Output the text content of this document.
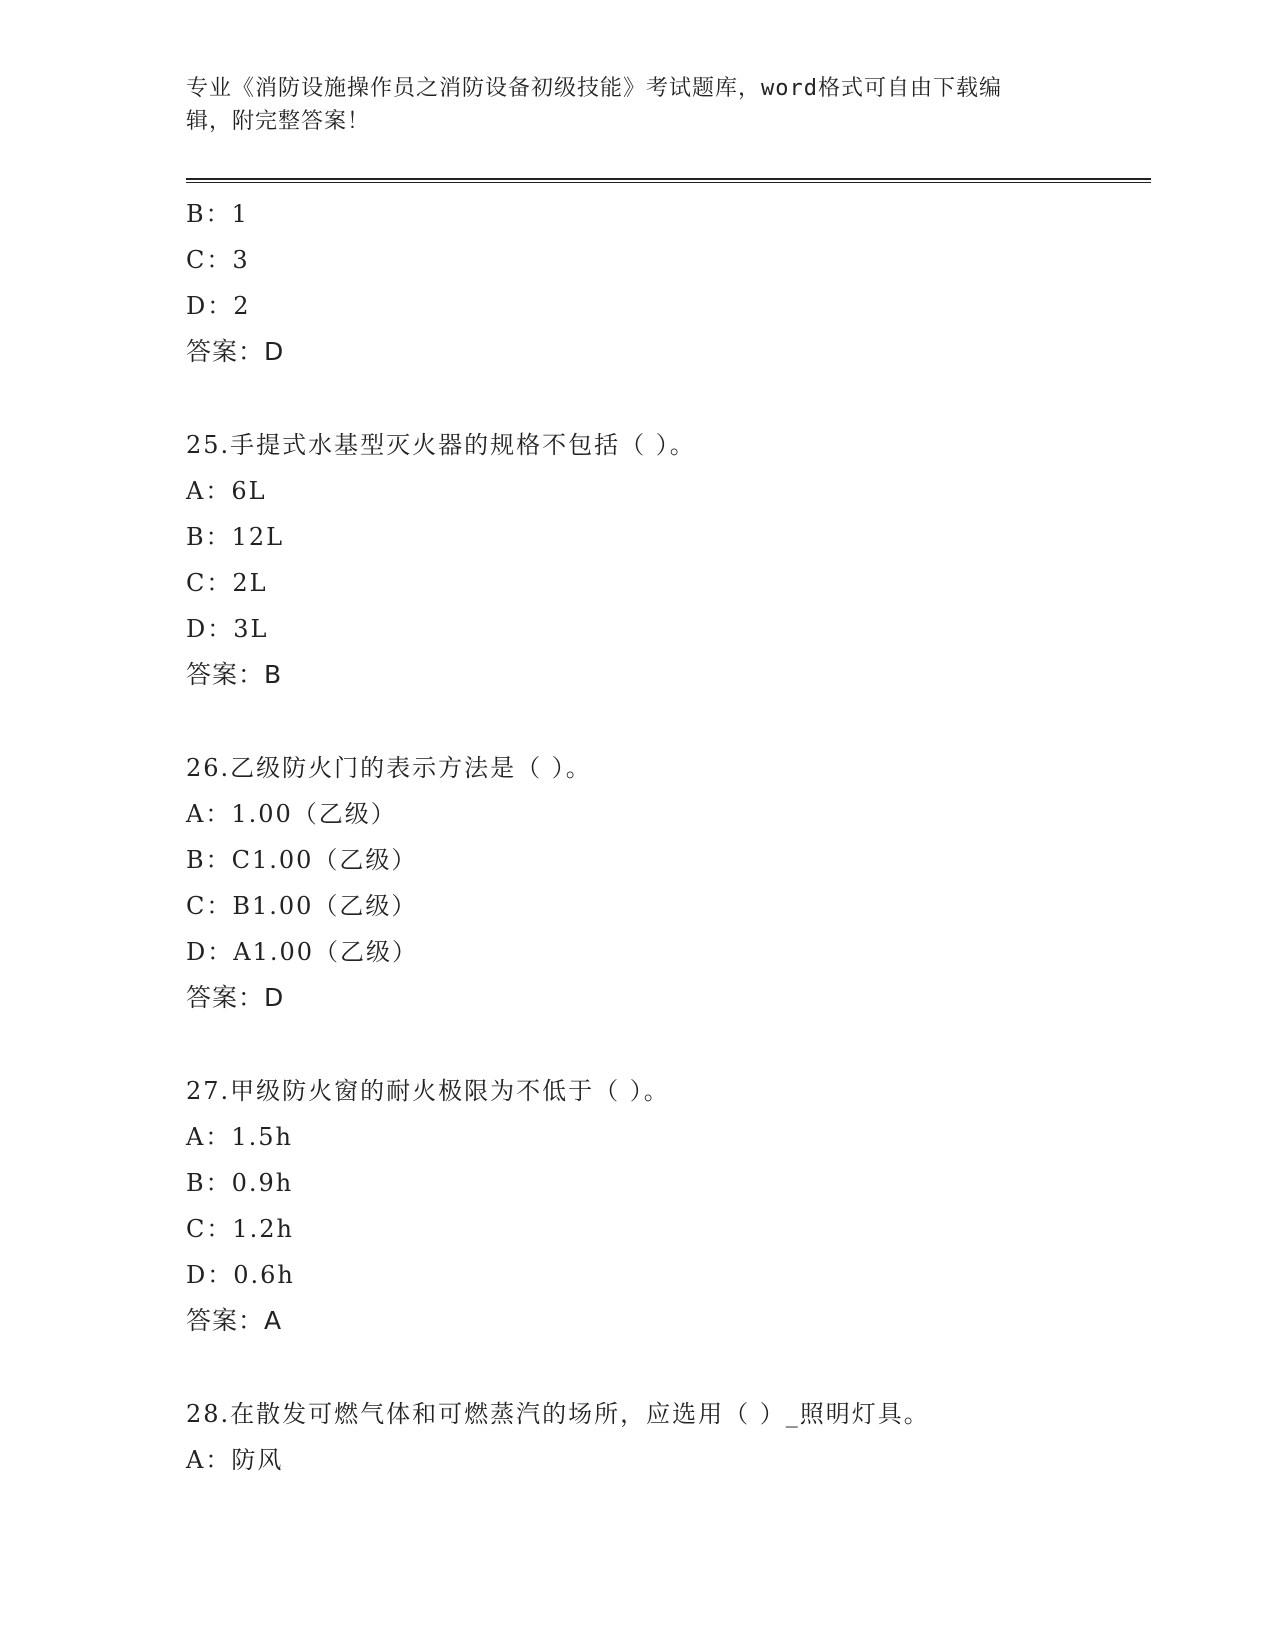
专业《消防设施操作员之消防设备初级技能》考试题库，word格式可自由下载编
辑，附完整答案！
B：1
C：3
D：2
答案：D
25.手提式水基型灭火器的规格不包括（ ）。
A：6L
B：12L
C：2L
D：3L
答案：B
26.乙级防火门的表示方法是（ ）。
A：1.00（乙级）
B：C1.00（乙级）
C：B1.00（乙级）
D：A1.00（乙级）
答案：D
27.甲级防火窗的耐火极限为不低于（ ）。
A：1.5h
B：0.9h
C：1.2h
D：0.6h
答案：A
28.在散发可燃气体和可燃蒸汽的场所，应选用（ ）_照明灯具。
A：防风
